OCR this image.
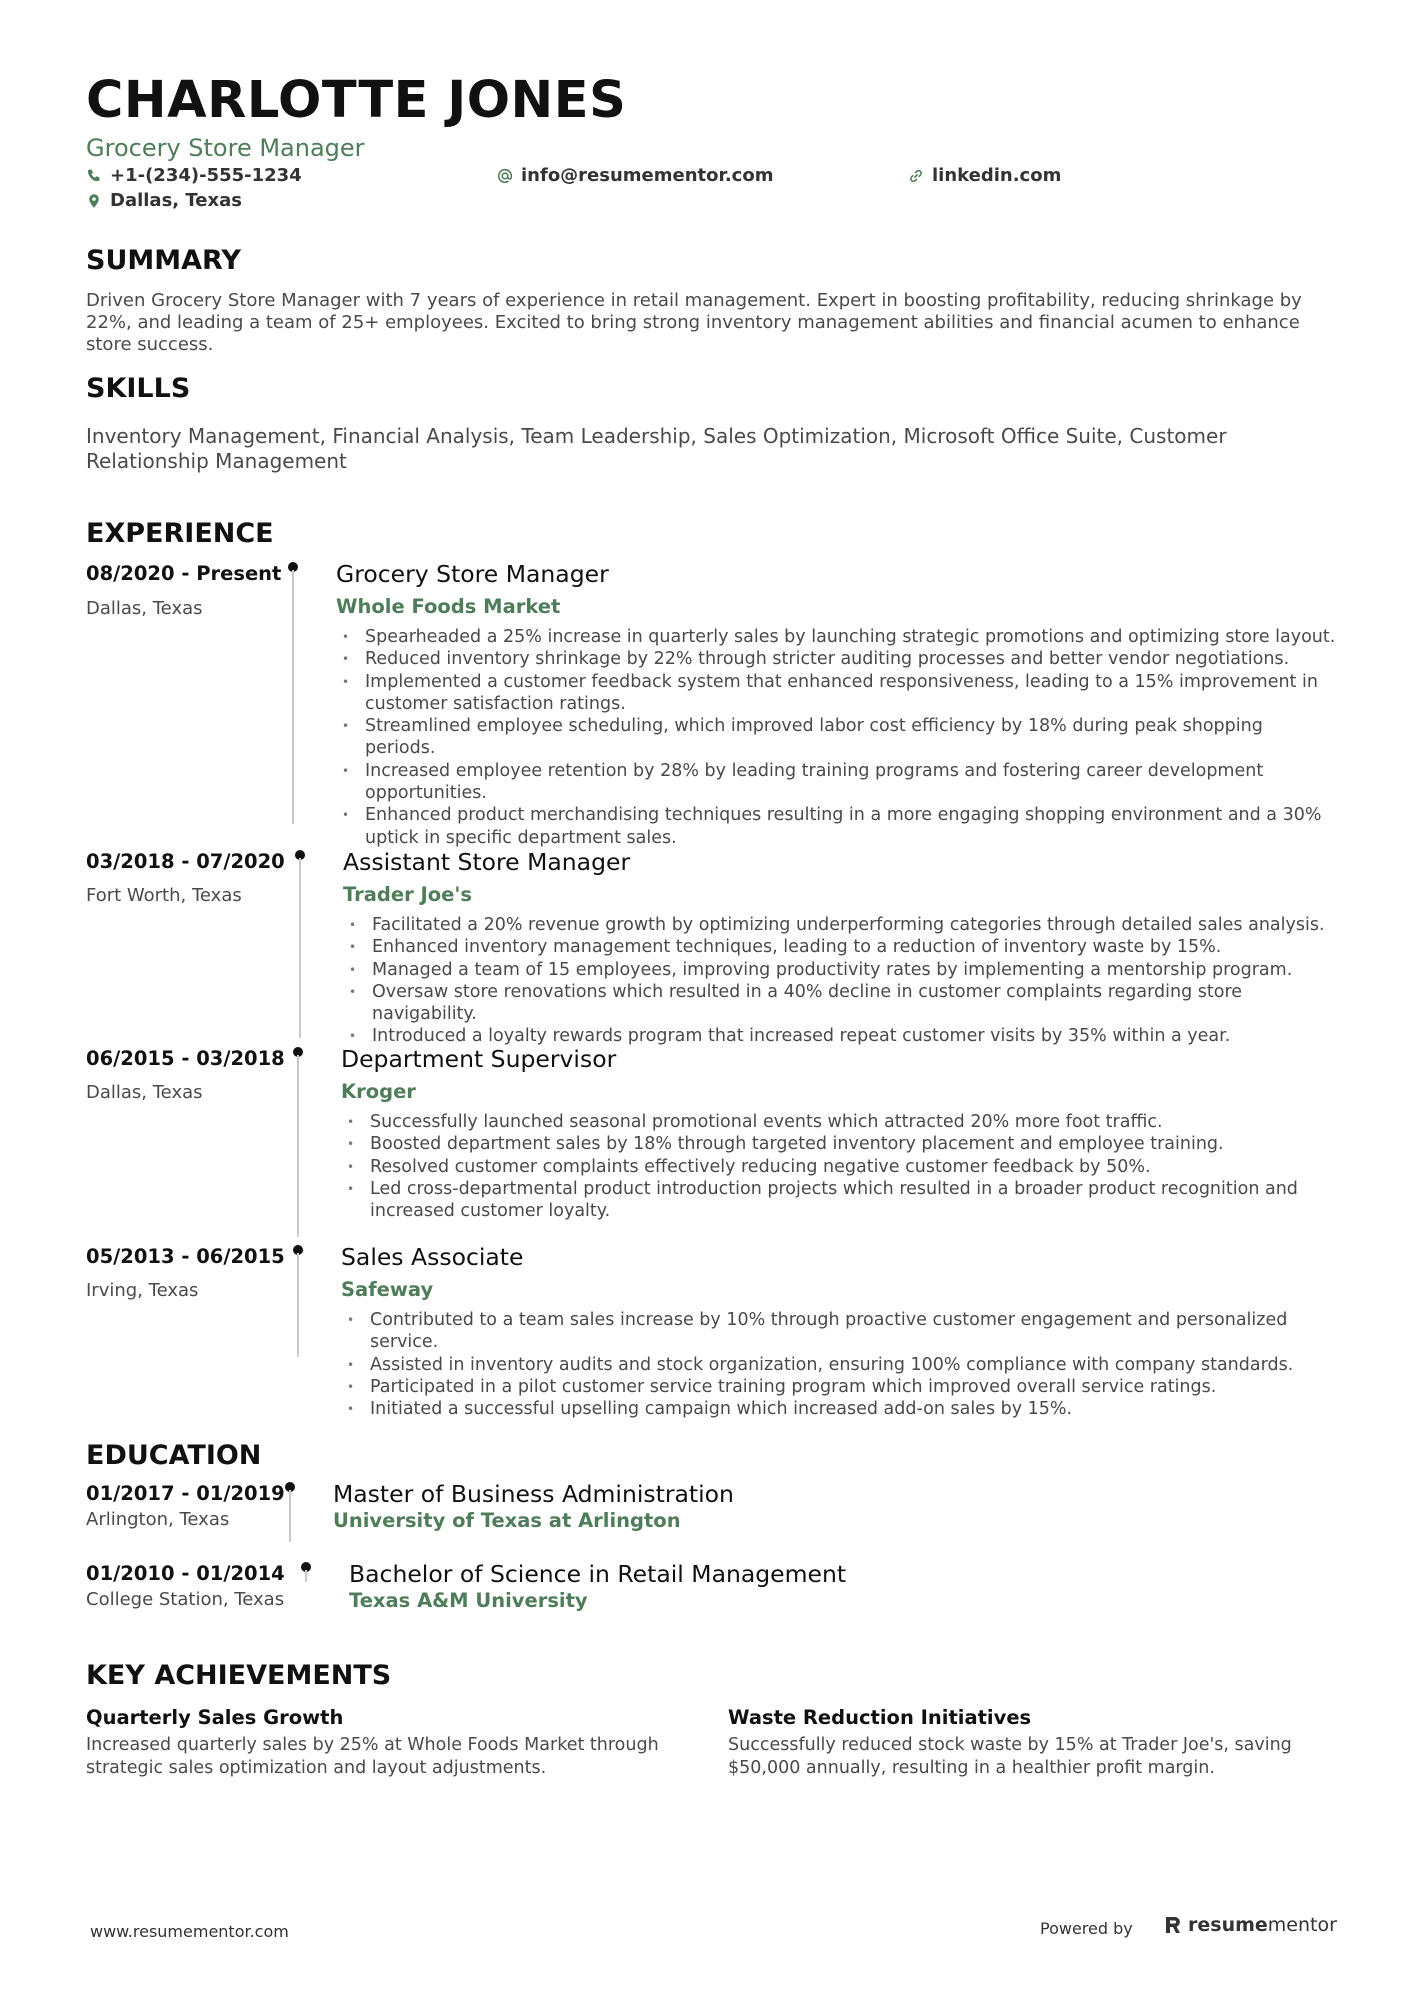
CHARLOTTE JONES
Grocery Store Manager
+1-(234)-555-1234	info@resumementor.com	linkedin.com
Dallas, Texas
SUMMARY

Driven Grocery Store Manager with 7 years of experience in retail management. Expert in boosting profitability, reducing shrinkage by 22%, and leading a team of 25+ employees. Excited to bring strong inventory management abilities and financial acumen to enhance store success.

SKILLS

Inventory Management, Financial Analysis, Team Leadership, Sales Optimization, Microsoft Office Suite, Customer Relationship Management

EXPERIENCE
08/2020 - Present
Dallas, Texas
Grocery Store Manager
Whole Foods Market
• Spearheaded a 25% increase in quarterly sales by launching strategic promotions and optimizing store layout.
• Reduced inventory shrinkage by 22% through stricter auditing processes and better vendor negotiations.
• Implemented a customer feedback system that enhanced responsiveness, leading to a 15% improvement in customer satisfaction ratings.
• Streamlined employee scheduling, which improved labor cost efficiency by 18% during peak shopping periods.
• Increased employee retention by 28% by leading training programs and fostering career development opportunities.
• Enhanced product merchandising techniques resulting in a more engaging shopping environment and a 30% uptick in specific department sales.
03/2018 - 07/2020
Fort Worth, Texas
Assistant Store Manager
Trader Joe's
• Facilitated a 20% revenue growth by optimizing underperforming categories through detailed sales analysis.
• Enhanced inventory management techniques, leading to a reduction of inventory waste by 15%.
• Managed a team of 15 employees, improving productivity rates by implementing a mentorship program.
• Oversaw store renovations which resulted in a 40% decline in customer complaints regarding store navigability.
• Introduced a loyalty rewards program that increased repeat customer visits by 35% within a year.
06/2015 - 03/2018
Dallas, Texas
Department Supervisor
Kroger
• Successfully launched seasonal promotional events which attracted 20% more foot traffic.
• Boosted department sales by 18% through targeted inventory placement and employee training.
• Resolved customer complaints effectively reducing negative customer feedback by 50%.
• Led cross-departmental product introduction projects which resulted in a broader product recognition and increased customer loyalty.
05/2013 - 06/2015
Irving, Texas
Sales Associate
Safeway
• Contributed to a team sales increase by 10% through proactive customer engagement and personalized service.
• Assisted in inventory audits and stock organization, ensuring 100% compliance with company standards.
• Participated in a pilot customer service training program which improved overall service ratings.
• Initiated a successful upselling campaign which increased add-on sales by 15%.
EDUCATION
01/2017 - 01/2019
Arlington, Texas
Master of Business Administration
University of Texas at Arlington
01/2010 - 01/2014
College Station, Texas
Bachelor of Science in Retail Management
Texas A&M University
KEY ACHIEVEMENTS
Quarterly Sales Growth
Increased quarterly sales by 25% at Whole Foods Market through strategic sales optimization and layout adjustments.
Waste Reduction Initiatives
Successfully reduced stock waste by 15% at Trader Joe's, saving $50,000 annually, resulting in a healthier profit margin.
www.resumementor.com	Powered by	resumementor
